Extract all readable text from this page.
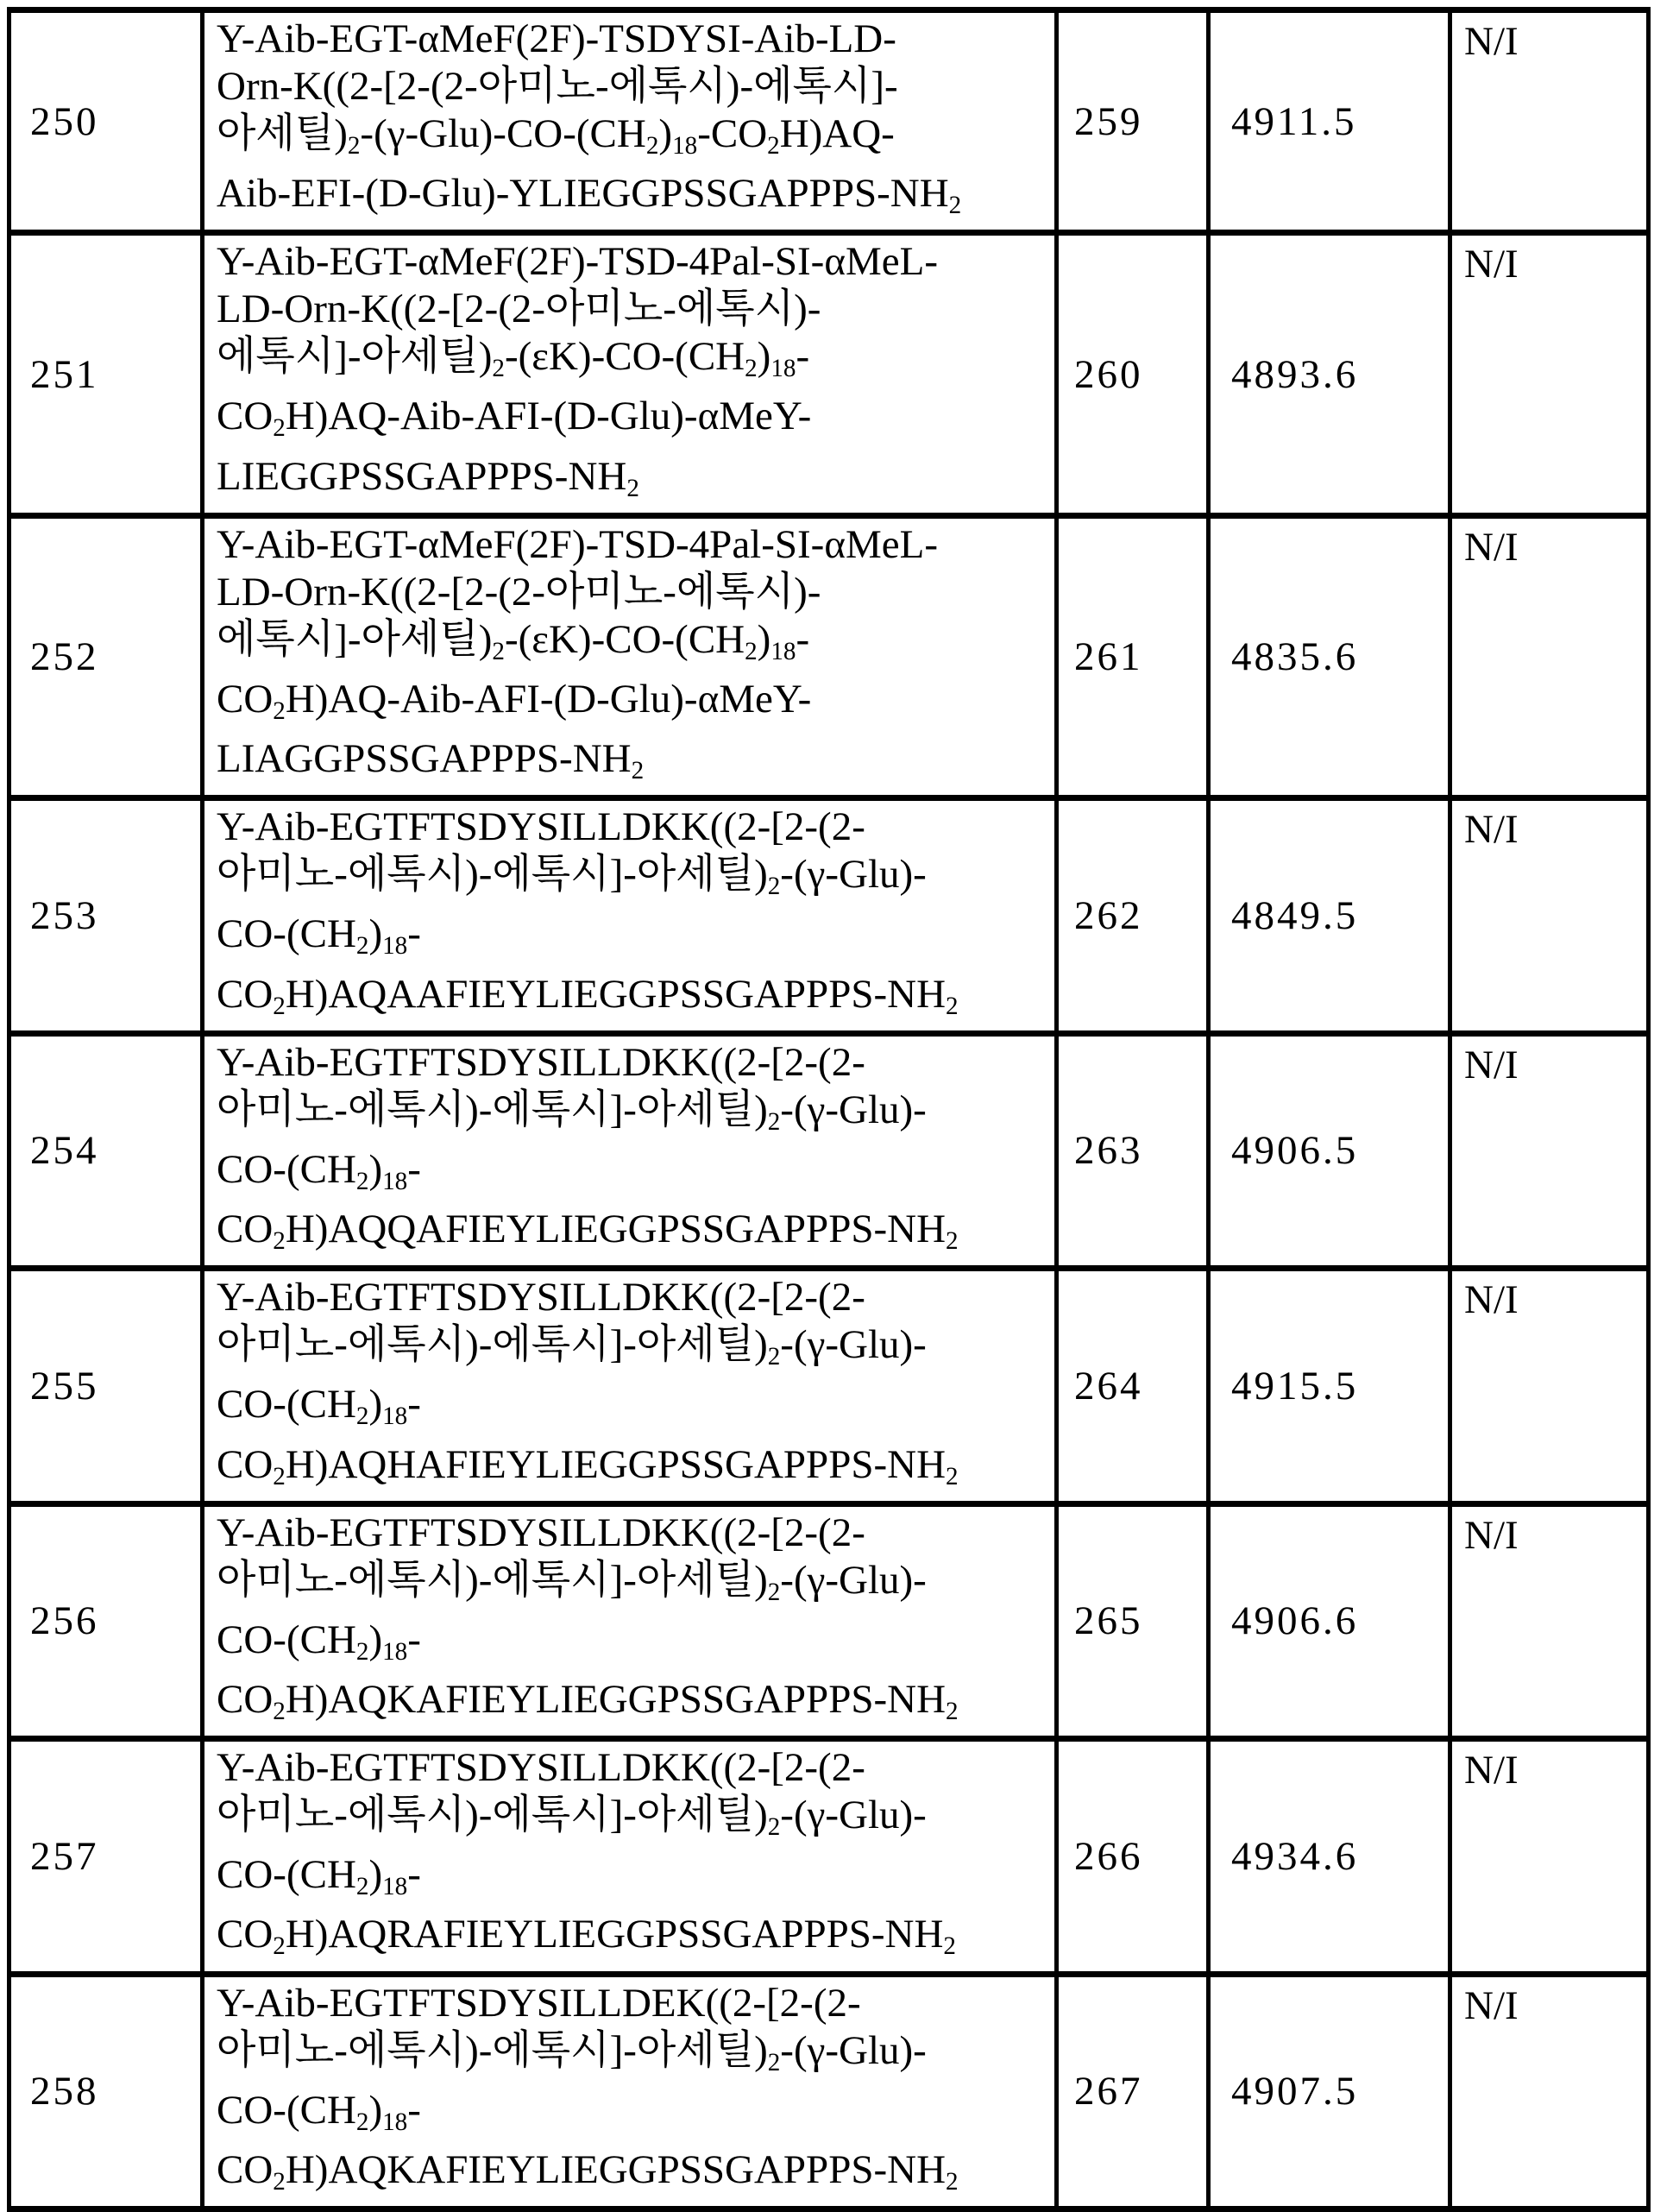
250	Y-Aib-EGT-αMeF(2F)-TSDYSI-Aib-LD-
Orn-K((2-[2-(2-아미노-에톡시)-에톡시]-
아세틸)2-(γ-Glu)-CO-(CH2)18-CO2H)AQ-
Aib-EFI-(D-Glu)-YLIEGGPSSGAPPPS-NH2	259	4911.5	N/I
251	Y-Aib-EGT-αMeF(2F)-TSD-4Pal-SI-αMeL-
LD-Orn-K((2-[2-(2-아미노-에톡시)-
에톡시]-아세틸)2-(εK)-CO-(CH2)18-
CO2H)AQ-Aib-AFI-(D-Glu)-αMeY-
LIEGGPSSGAPPPS-NH2	260	4893.6	N/I
252	Y-Aib-EGT-αMeF(2F)-TSD-4Pal-SI-αMeL-
LD-Orn-K((2-[2-(2-아미노-에톡시)-
에톡시]-아세틸)2-(εK)-CO-(CH2)18-
CO2H)AQ-Aib-AFI-(D-Glu)-αMeY-
LIAGGPSSGAPPPS-NH2	261	4835.6	N/I
253	Y-Aib-EGTFTSDYSILLDKK((2-[2-(2-
아미노-에톡시)-에톡시]-아세틸)2-(γ-Glu)-
CO-(CH2)18-
CO2H)AQAAFIEYLIEGGPSSGAPPPS-NH2	262	4849.5	N/I
254	Y-Aib-EGTFTSDYSILLDKK((2-[2-(2-
아미노-에톡시)-에톡시]-아세틸)2-(γ-Glu)-
CO-(CH2)18-
CO2H)AQQAFIEYLIEGGPSSGAPPPS-NH2	263	4906.5	N/I
255	Y-Aib-EGTFTSDYSILLDKK((2-[2-(2-
아미노-에톡시)-에톡시]-아세틸)2-(γ-Glu)-
CO-(CH2)18-
CO2H)AQHAFIEYLIEGGPSSGAPPPS-NH2	264	4915.5	N/I
256	Y-Aib-EGTFTSDYSILLDKK((2-[2-(2-
아미노-에톡시)-에톡시]-아세틸)2-(γ-Glu)-
CO-(CH2)18-
CO2H)AQKAFIEYLIEGGPSSGAPPPS-NH2	265	4906.6	N/I
257	Y-Aib-EGTFTSDYSILLDKK((2-[2-(2-
아미노-에톡시)-에톡시]-아세틸)2-(γ-Glu)-
CO-(CH2)18-
CO2H)AQRAFIEYLIEGGPSSGAPPPS-NH2	266	4934.6	N/I
258	Y-Aib-EGTFTSDYSILLDEK((2-[2-(2-
아미노-에톡시)-에톡시]-아세틸)2-(γ-Glu)-
CO-(CH2)18-
CO2H)AQKAFIEYLIEGGPSSGAPPPS-NH2	267	4907.5	N/I
